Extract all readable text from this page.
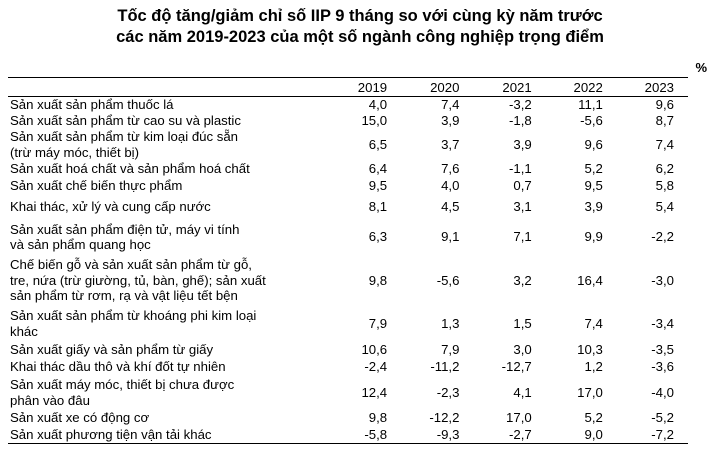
Tốc độ tăng/giảm chỉ số IIP 9 tháng so với cùng kỳ năm trước
các năm 2019-2023 của một số ngành công nghiệp trọng điểm
%
	2019	2020	2021	2022	2023
Sản xuất sản phẩm thuốc lá	4,0	7,4	-3,2	11,1	9,6
Sản xuất sản phẩm từ cao su và plastic	15,0	3,9	-1,8	-5,6	8,7
Sản xuất sản phẩm từ kim loại đúc sẵn
(trừ máy móc, thiết bị)	6,5	3,7	3,9	9,6	7,4
Sản xuất hoá chất và sản phẩm hoá chất	6,4	7,6	-1,1	5,2	6,2
Sản xuất chế biến thực phẩm	9,5	4,0	0,7	9,5	5,8
Khai thác, xử lý và cung cấp nước	8,1	4,5	3,1	3,9	5,4
Sản xuất sản phẩm điện tử, máy vi tính
và sản phẩm quang học	6,3	9,1	7,1	9,9	-2,2
Chế biến gỗ và sản xuất sản phẩm từ gỗ,
tre, nứa (trừ giường, tủ, bàn, ghế); sản xuất
sản phẩm từ rơm, rạ và vật liệu tết bện	9,8	-5,6	3,2	16,4	-3,0
Sản xuất sản phẩm từ khoáng phi kim loại
khác	7,9	1,3	1,5	7,4	-3,4
Sản xuất giấy và sản phẩm từ giấy	10,6	7,9	3,0	10,3	-3,5
Khai thác dầu thô và khí đốt tự nhiên	-2,4	-11,2	-12,7	1,2	-3,6
Sản xuất máy móc, thiết bị chưa được
phân vào đâu	12,4	-2,3	4,1	17,0	-4,0
Sản xuất xe có động cơ	9,8	-12,2	17,0	5,2	-5,2
Sản xuất phương tiện vận tải khác	-5,8	-9,3	-2,7	9,0	-7,2
